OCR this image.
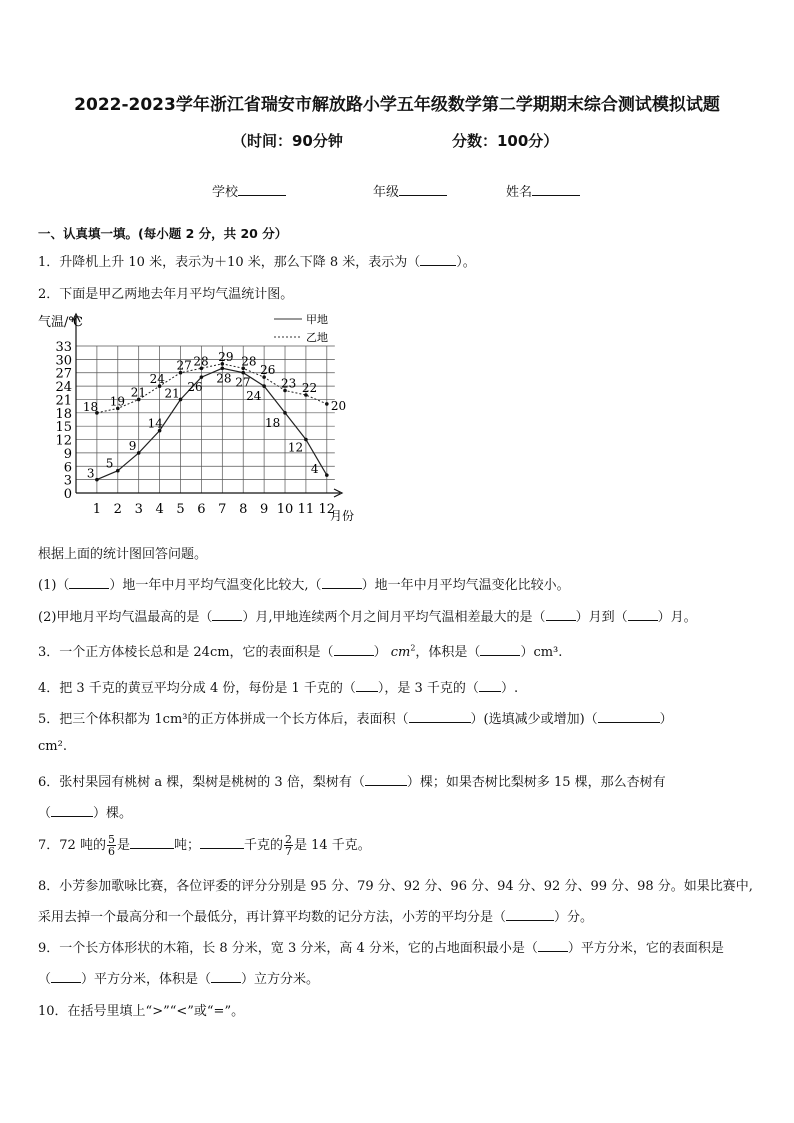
2022-2023学年浙江省瑞安市解放路小学五年级数学第二学期期末综合测试模拟试题
（时间：90分钟	分数：100分）
学校	年级	姓名
一、认真填一填。(每小题 2 分，共 20 分）
1．升降机上升 10 米，表示为＋10 米，那么下降 8 米，表示为（	）。
2．下面是甲乙两地去年月平均气温统计图。
气温/℃
月份
3
6
9
12
15
18
21
24
27
30
33
0
1 2 3 4 5 6 7 8 9 10 11 12
甲地
乙地
3
5
9
14
21 26
28 27
24
18
12
4
18 19
21
24
27 28 29 28
26
23 22
20
根据上面的统计图回答问题。
(1)（	）地一年中月平均气温变化比较大,（	）地一年中月平均气温变化比较小。
(2)甲地月平均气温最高的是（ ）月,甲地连续两个月之间月平均气温相差最大的是（ ）月到（ ）月。
3．一个正方体棱长总和是 24cm，它的表面积是（	） $cm^2$，体积是（	）cm³.
4．把 3 千克的黄豆平均分成 4 份，每份是 1 千克的（ ），是 3 千克的（ ）.
5．把三个体积都为 1cm³的正方体拼成一个长方体后，表面积（	）(选填减少或增加)（	）
cm².
6．张村果园有桃树 a 棵，梨树是桃树的 3 倍，梨树有（	）棵；如果杏树比梨树多 15 棵，那么杏树有
（	）棵。
7．72 吨的 $\frac{5}{6}$ 是	吨；	千克的 $\frac{2}{7}$ 是 14 千克。
8．小芳参加歌咏比赛，各位评委的评分分别是 95 分、79 分、92 分、96 分、94 分、92 分、99 分、98 分。如果比赛中,
采用去掉一个最高分和一个最低分，再计算平均数的记分方法，小芳的平均分是（	）分。
9．一个长方体形状的木箱，长 8 分米，宽 3 分米，高 4 分米，它的占地面积最小是（ ）平方分米，它的表面积是
（ ）平方分米，体积是（ ）立方分米。
10．在括号里填上“>”“<”或“=”。
